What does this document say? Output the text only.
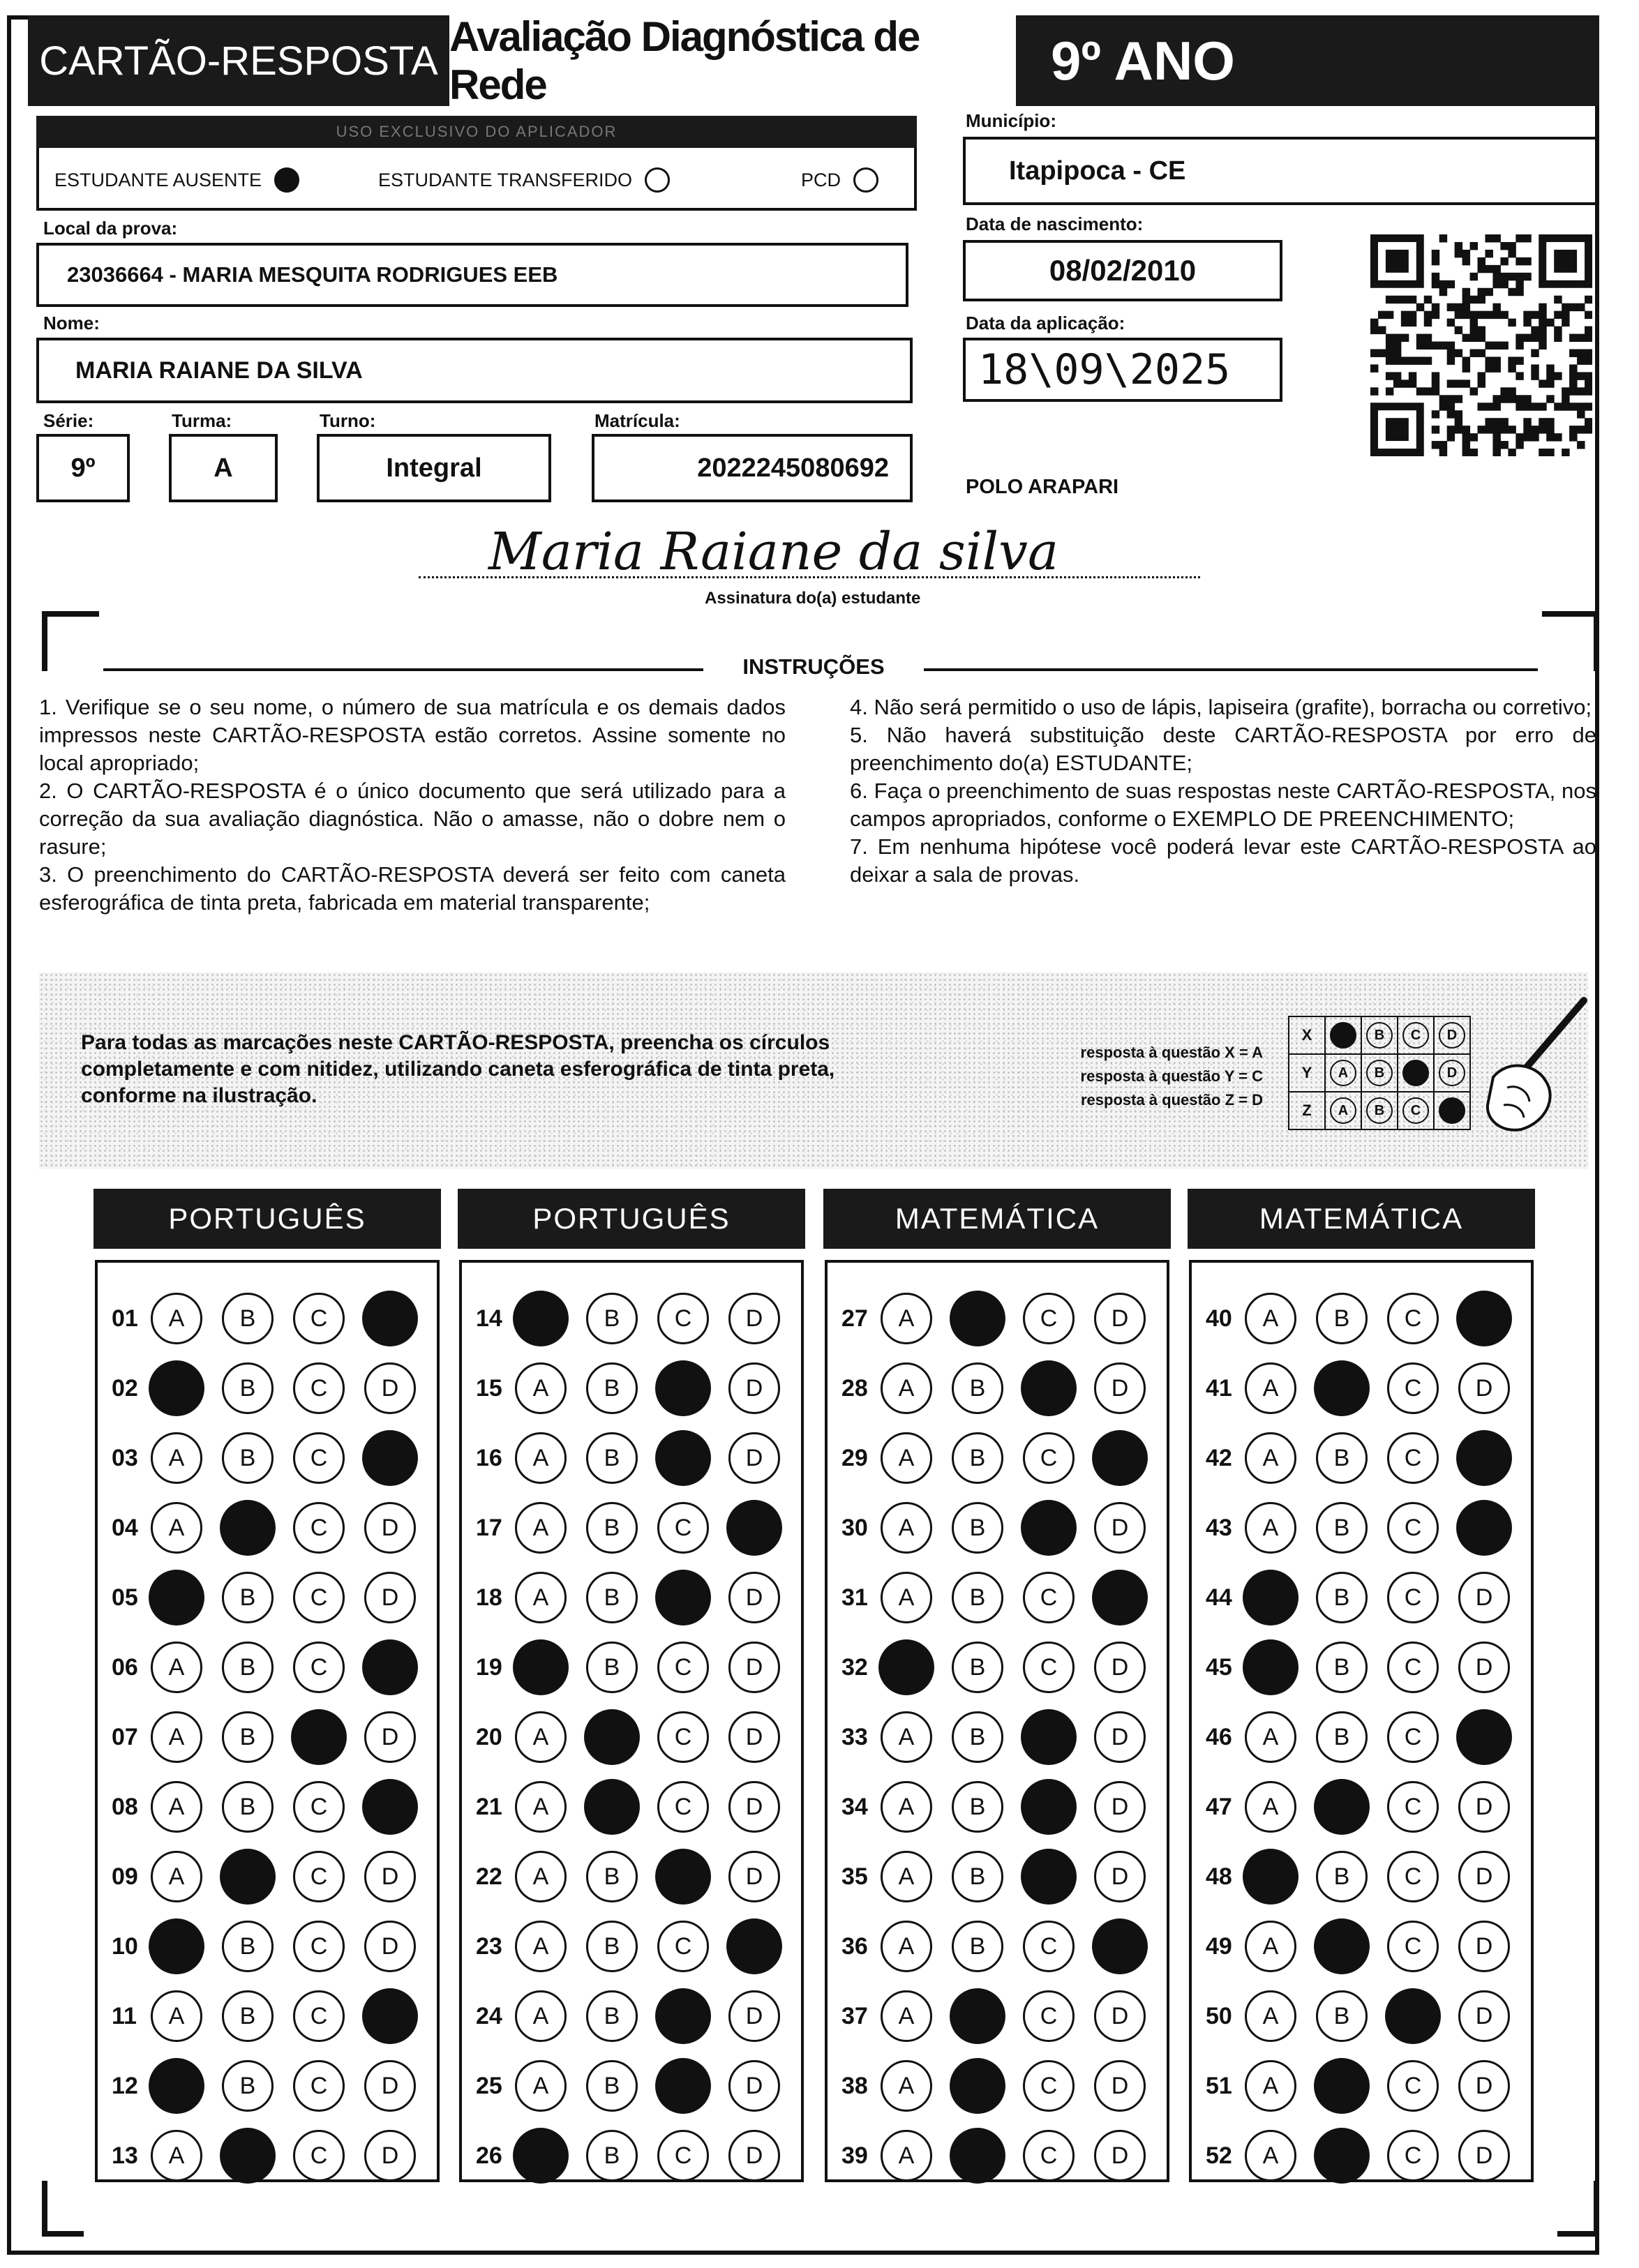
CARTÃO-RESPOSTA
Avaliação Diagnóstica de Rede	9º ANO
USO EXCLUSIVO DO APLICADOR
ESTUDANTE AUSENTE	ESTUDANTE TRANSFERIDO	PCD
Município:
Itapipoca - CE
Local da prova:
23036664 - MARIA MESQUITA RODRIGUES EEB
Data de nascimento:
08/02/2010
Nome:
MARIA RAIANE DA SILVA
Data da aplicação:
18\09\2025
Série:
9º
Turma:
A
Turno:
Integral
Matrícula:
2022245080692
POLO ARAPARI
Maria Raiane da silva
Assinatura do(a) estudante
INSTRUÇÕES

1. Verifique se o seu nome, o número de sua matrícula e os demais dados impressos neste CARTÃO-RESPOSTA estão corretos. Assine somente no local apropriado;

2. O CARTÃO-RESPOSTA é o único documento que será utilizado para a correção da sua avaliação diagnóstica. Não o amasse, não o dobre nem o rasure;

3. O preenchimento do CARTÃO-RESPOSTA deverá ser feito com caneta esferográfica de tinta preta, fabricada em material transparente;

4. Não será permitido o uso de lápis, lapiseira (grafite), borracha ou corretivo;

5. Não haverá substituição deste CARTÃO-RESPOSTA por erro de preenchimento do(a) ESTUDANTE;

6. Faça o preenchimento de suas respostas neste CARTÃO-RESPOSTA, nos campos apropriados, conforme o EXEMPLO DE PREENCHIMENTO;

7. Em nenhuma hipótese você poderá levar este CARTÃO-RESPOSTA ao deixar a sala de provas.

Para todas as marcações neste CARTÃO-RESPOSTA, preencha os círculos completamente e com nitidez, utilizando caneta esferográfica de tinta preta, conforme na ilustração.
resposta à questão X = A
resposta à questão Y = C
resposta à questão Z = D
X	A	B	C	D
Y	A	B	C	D
Z	A	B	C	D
PORTUGUÊS
01	A	B	C	D
02	A	B	C	D
03	A	B	C	D
04	A	B	C	D
05	A	B	C	D
06	A	B	C	D
07	A	B	C	D
08	A	B	C	D
09	A	B	C	D
10	A	B	C	D
11	A	B	C	D
12	A	B	C	D
13	A	B	C	D
PORTUGUÊS
14	A	B	C	D
15	A	B	C	D
16	A	B	C	D
17	A	B	C	D
18	A	B	C	D
19	A	B	C	D
20	A	B	C	D
21	A	B	C	D
22	A	B	C	D
23	A	B	C	D
24	A	B	C	D
25	A	B	C	D
26	A	B	C	D
MATEMÁTICA
27	A	B	C	D
28	A	B	C	D
29	A	B	C	D
30	A	B	C	D
31	A	B	C	D
32	A	B	C	D
33	A	B	C	D
34	A	B	C	D
35	A	B	C	D
36	A	B	C	D
37	A	B	C	D
38	A	B	C	D
39	A	B	C	D
MATEMÁTICA
40	A	B	C	D
41	A	B	C	D
42	A	B	C	D
43	A	B	C	D
44	A	B	C	D
45	A	B	C	D
46	A	B	C	D
47	A	B	C	D
48	A	B	C	D
49	A	B	C	D
50	A	B	C	D
51	A	B	C	D
52	A	B	C	D
